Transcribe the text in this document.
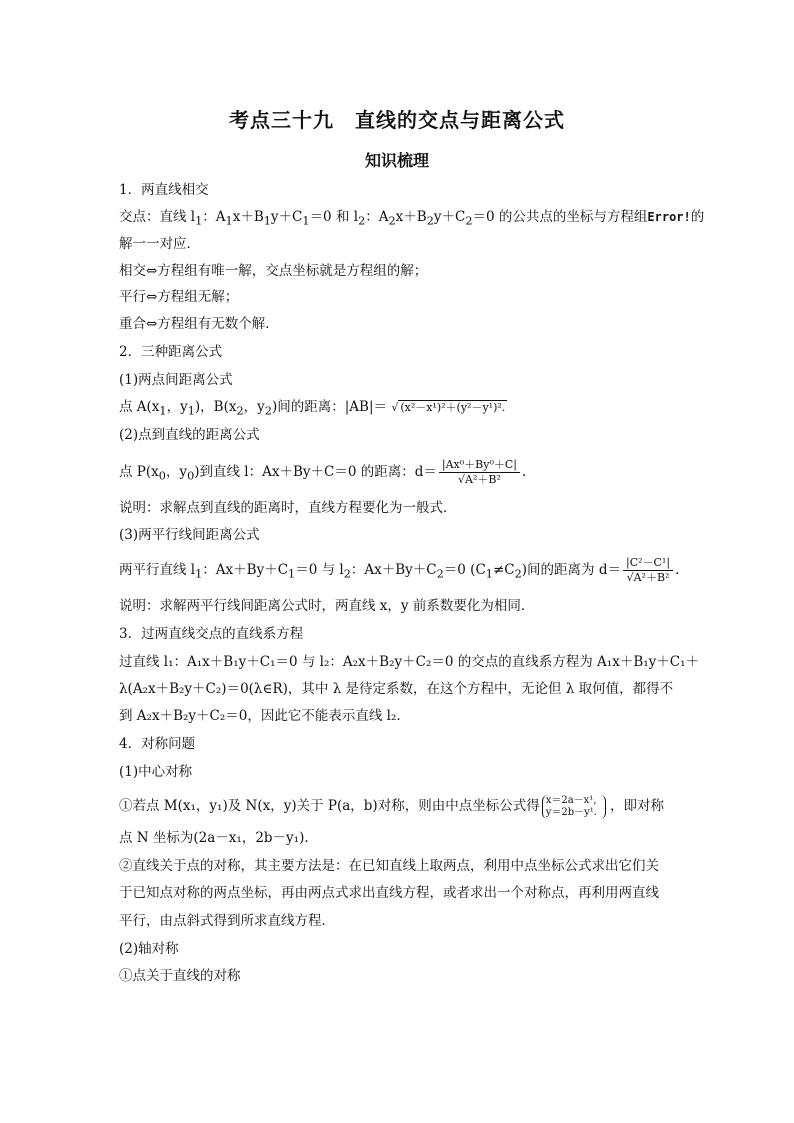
考点三十九　直线的交点与距离公式
知识梳理
1．两直线相交
交点：直线 $l_1$：$A_1x+B_1y+C_1=0$ 和 $l_2$：$A_2x+B_2y+C_2=0$ 的公共点的坐标与方程组Error!的
解一一对应．
相交⇔方程组有唯一解，交点坐标就是方程组的解；
平行⇔方程组无解；
重合⇔方程组有无数个解．
2．三种距离公式
(1)两点间距离公式
点 $A(x_1$，$y_1$)，$B(x_2$，$y_2$)间的距离：|AB|＝ √ (x²－x¹)²＋(y²－y¹)².
(2)点到直线的距离公式
点 $P(x_0$，$y_0$)到直线 l：Ax＋By＋C＝0 的距离：$d= \frac{\text{|Ax⁰＋By⁰＋C|}}{\text{√A²＋B²}}$ .
说明：求解点到直线的距离时，直线方程要化为一般式．
(3)两平行线间距离公式
两平行直线 $l_1$：$Ax+By+C_1=0$ 与 $l_2$：$Ax+By+C_2=0$ $(C_1\ne C_2)$间的距离为 $d= \frac{\text{|C²－C¹|}}{\text{√A²＋B²}}$ .
说明：求解两平行线间距离公式时，两直线 x，y 前系数要化为相同．
3．过两直线交点的直线系方程
过直线 l₁：A₁x＋B₁y＋C₁＝0 与 l₂：A₂x＋B₂y＋C₂＝0 的交点的直线系方程为 A₁x＋B₁y＋C₁＋
λ(A₂x＋B₂y＋C₂)＝0(λ∈R)，其中 λ 是待定系数，在这个方程中，无论但 λ 取何值，都得不
到 A₂x＋B₂y＋C₂＝0，因此它不能表示直线 l₂.
4．对称问题
(1)中心对称
①若点 M(x₁，y₁)及 N(x，y)关于 P(a，b)对称，则由中点坐标公式得 x＝2a－x¹,
y＝2b－y¹. ，即对称
点 N 坐标为(2a－x₁，2b－y₁).
②直线关于点的对称，其主要方法是：在已知直线上取两点，利用中点坐标公式求出它们关
于已知点对称的两点坐标，再由两点式求出直线方程，或者求出一个对称点，再利用两直线
平行，由点斜式得到所求直线方程．
(2)轴对称
①点关于直线的对称
